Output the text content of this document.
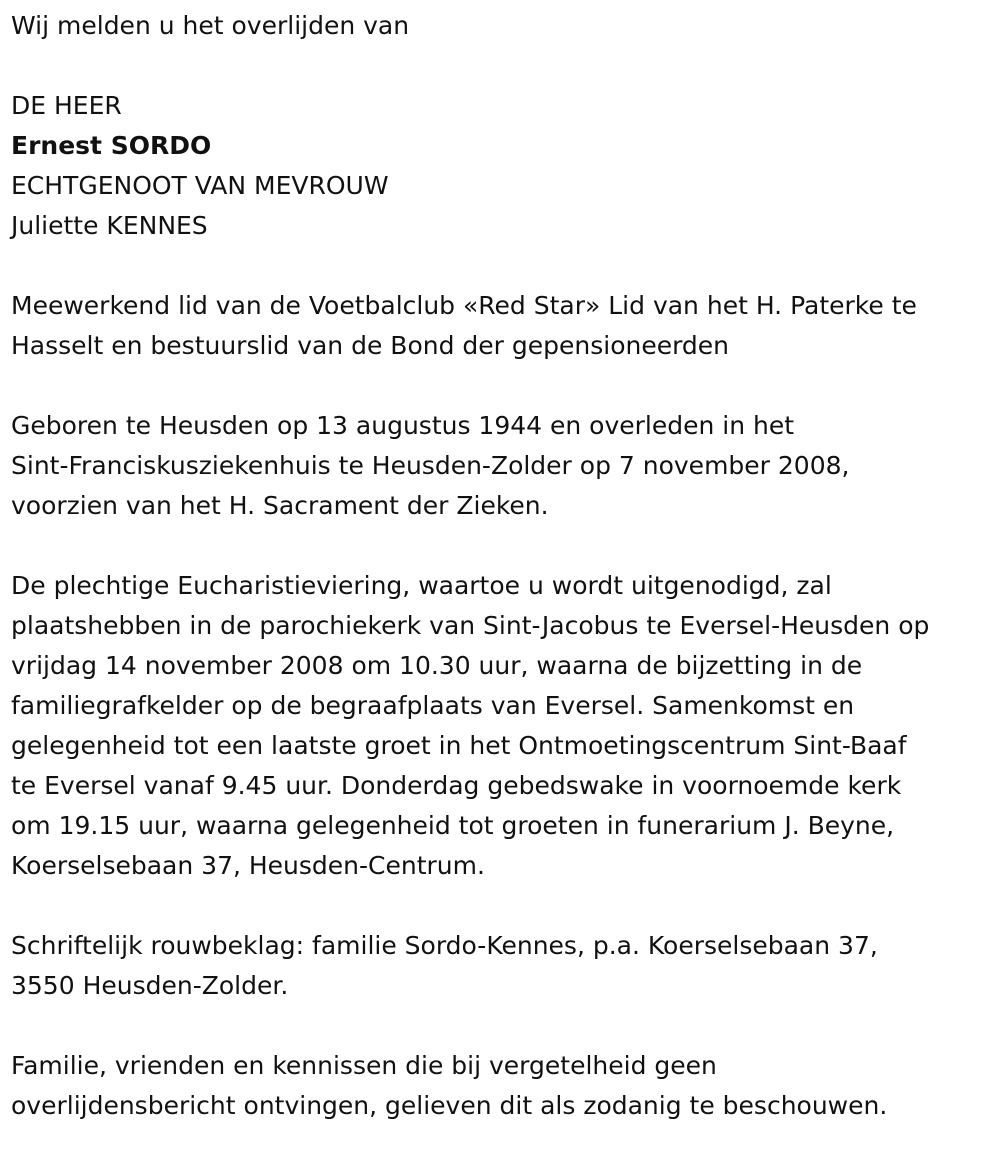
Wij melden u het overlijden van

DE HEER

Ernest SORDO

ECHTGENOOT VAN MEVROUW

Juliette KENNES

Meewerkend lid van de Voetbalclub «Red Star» Lid van het H. Paterke te

Hasselt en bestuurslid van de Bond der gepensioneerden

Geboren te Heusden op 13 augustus 1944 en overleden in het

Sint-Franciskusziekenhuis te Heusden-Zolder op 7 november 2008,

voorzien van het H. Sacrament der Zieken.

De plechtige Eucharistieviering, waartoe u wordt uitgenodigd, zal

plaatshebben in de parochiekerk van Sint-Jacobus te Eversel-Heusden op

vrijdag 14 november 2008 om 10.30 uur, waarna de bijzetting in de

familiegrafkelder op de begraafplaats van Eversel. Samenkomst en

gelegenheid tot een laatste groet in het Ontmoetingscentrum Sint-Baaf

te Eversel vanaf 9.45 uur. Donderdag gebedswake in voornoemde kerk

om 19.15 uur, waarna gelegenheid tot groeten in funerarium J. Beyne,

Koerselsebaan 37, Heusden-Centrum.

Schriftelijk rouwbeklag: familie Sordo-Kennes, p.a. Koerselsebaan 37,

3550 Heusden-Zolder.

Familie, vrienden en kennissen die bij vergetelheid geen

overlijdensbericht ontvingen, gelieven dit als zodanig te beschouwen.
